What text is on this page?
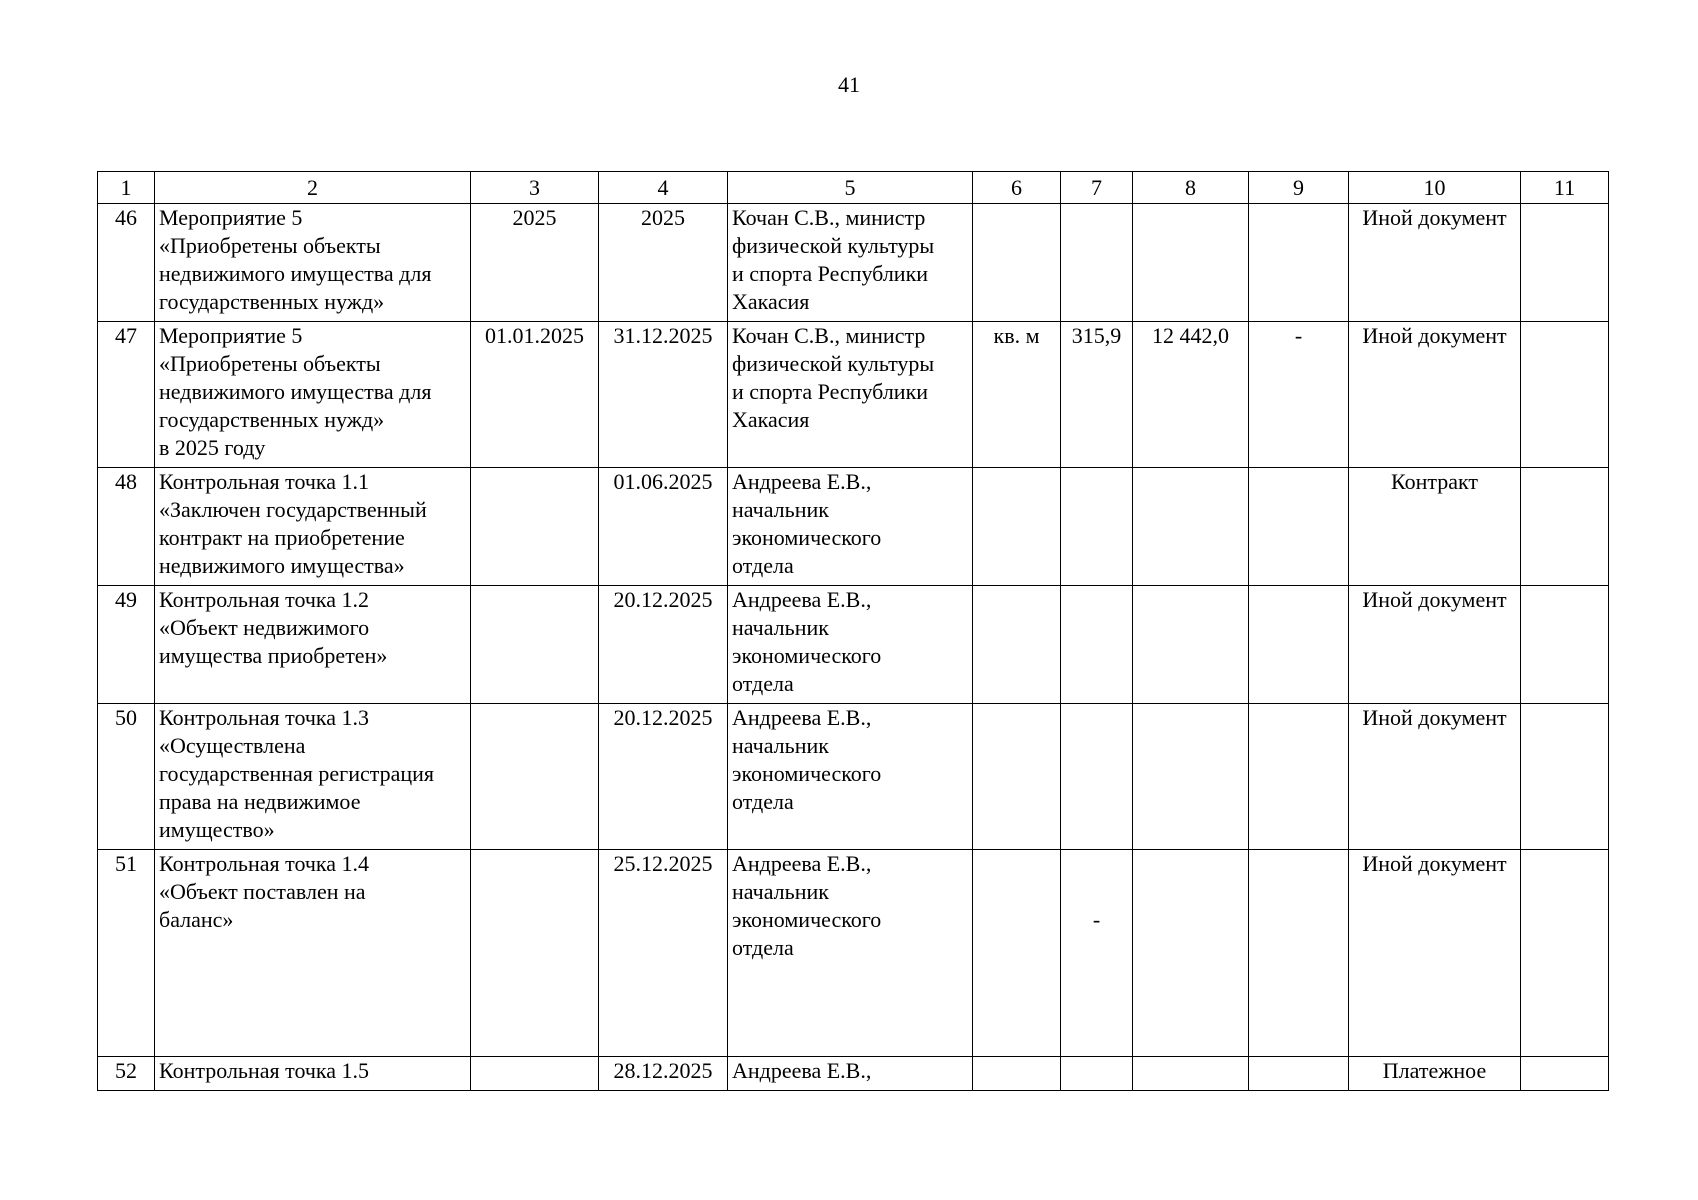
41
1	2	3	4	5	6	7	8	9	10	11
46	Мероприятие 5
«Приобретены объекты
недвижимого имущества для
государственных нужд»	2025	2025	Кочан С.В., министр
физической культуры
и спорта Республики
Хакасия					Иной документ	
47	Мероприятие 5
«Приобретены объекты
недвижимого имущества для
государственных нужд»
в 2025 году	01.01.2025	31.12.2025	Кочан С.В., министр
физической культуры
и спорта Республики
Хакасия	кв. м	315,9	12 442,0	-	Иной документ	
48	Контрольная точка 1.1
«Заключен государственный
контракт на приобретение
недвижимого имущества»		01.06.2025	Андреева Е.В.,
начальник
экономического
отдела					Контракт	
49	Контрольная точка 1.2
«Объект недвижимого
имущества приобретен»		20.12.2025	Андреева Е.В.,
начальник
экономического
отдела					Иной документ	
50	Контрольная точка 1.3
«Осуществлена
государственная регистрация
права на недвижимое
имущество»		20.12.2025	Андреева Е.В.,
начальник
экономического
отдела					Иной документ	
51	Контрольная точка 1.4
«Объект поставлен на
баланс»		25.12.2025	Андреева Е.В.,
начальник
экономического
отдела		-			Иной документ	
52	Контрольная точка 1.5		28.12.2025	Андреева Е.В.,					Платежное	
